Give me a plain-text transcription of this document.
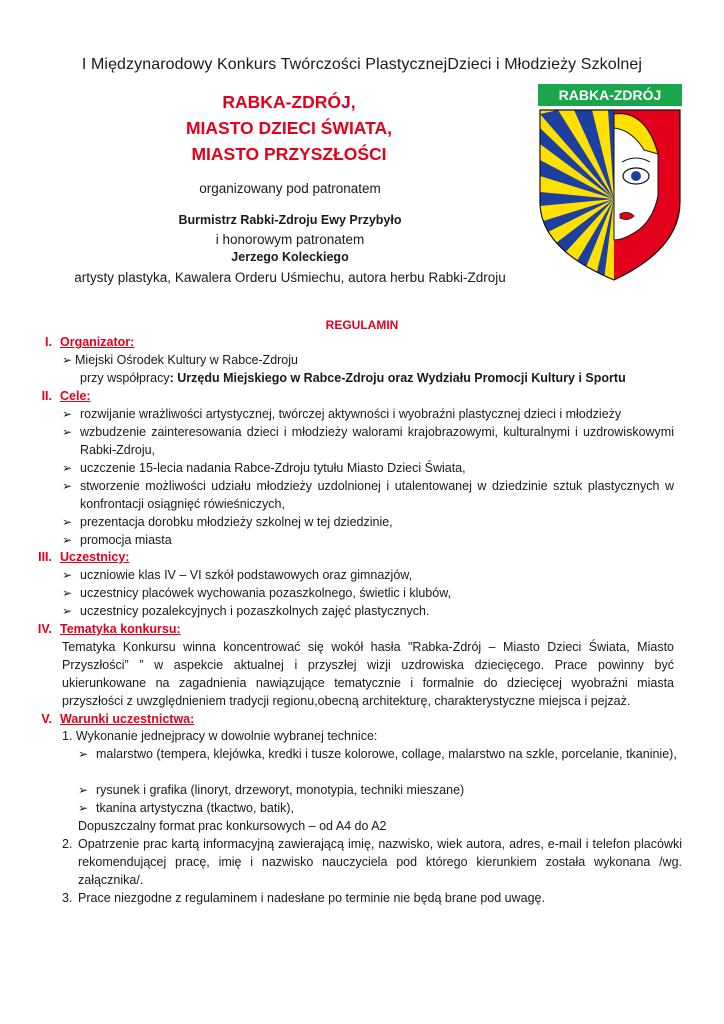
I Międzynarodowy Konkurs Twórczości PlastycznejDzieci i Młodzieży Szkolnej
RABKA-ZDRÓJ,
MIASTO DZIECI ŚWIATA,
MIASTO PRZYSZŁOŚCI
organizowany pod patronatem
Burmistrz Rabki-Zdroju Ewy Przybyło
i honorowym patronatem
Jerzego Koleckiego
artysty plastyka, Kawalera Orderu Uśmiechu, autora herbu Rabki-Zdroju
RABKA-ZDRÓJ
REGULAMIN
I. Organizator:
➢ Miejski Ośrodek Kultury w Rabce-Zdroju
przy współpracy: Urzędu Miejskiego w Rabce-Zdroju oraz Wydziału Promocji Kultury i Sportu
II. Cele:
➢ rozwijanie wrażliwości artystycznej, twórczej aktywności i wyobraźni plastycznej dzieci i młodzieży
➢ wzbudzenie zainteresowania dzieci i młodzieży walorami krajobrazowymi, kulturalnymi i uzdrowiskowymi Rabki-Zdroju,
➢ uczczenie 15-lecia nadania Rabce-Zdroju tytułu Miasto Dzieci Świata,
➢ stworzenie możliwości udziału młodzieży uzdolnionej i utalentowanej w dziedzinie sztuk plastycznych w konfrontacji osiągnięć rówieśniczych,
➢ prezentacja dorobku młodzieży szkolnej w tej dziedzinie,
➢ promocja miasta
III. Uczestnicy:
➢ uczniowie klas IV – VI szkół podstawowych oraz gimnazjów,
➢ uczestnicy placówek wychowania pozaszkolnego, świetlic i klubów,
➢ uczestnicy pozalekcyjnych i pozaszkolnych zajęć plastycznych.
IV. Tematyka konkursu:
Tematyka Konkursu winna koncentrować się wokół hasła "Rabka-Zdrój – Miasto Dzieci Świata, Miasto Przyszłości” ” w aspekcie aktualnej i przyszłej wizji uzdrowiska dziecięcego. Prace powinny być ukierunkowane na zagadnienia nawiązujące tematycznie i formalnie do dziecięcej wyobraźni miasta przyszłości z uwzględnieniem tradycji regionu,obecną architekturę, charakterystyczne miejsca i pejzaż.
V. Warunki uczestnictwa:
1. Wykonanie jednejpracy w dowolnie wybranej technice:
➢ malarstwo (tempera, klejówka, kredki i tusze kolorowe, collage, malarstwo na szkle, porcelanie, tkaninie),
➢ rysunek i grafika (linoryt, drzeworyt, monotypia, techniki mieszane)
➢ tkanina artystyczna (tkactwo, batik),
Dopuszczalny format prac konkursowych – od A4 do A2
2. Opatrzenie prac kartą informacyjną zawierającą imię, nazwisko, wiek autora, adres, e-mail i telefon placówki rekomendującej pracę, imię i nazwisko nauczyciela pod którego kierunkiem została wykonana /wg. załącznika/.
3. Prace niezgodne z regulaminem i nadesłane po terminie nie będą brane pod uwagę.
